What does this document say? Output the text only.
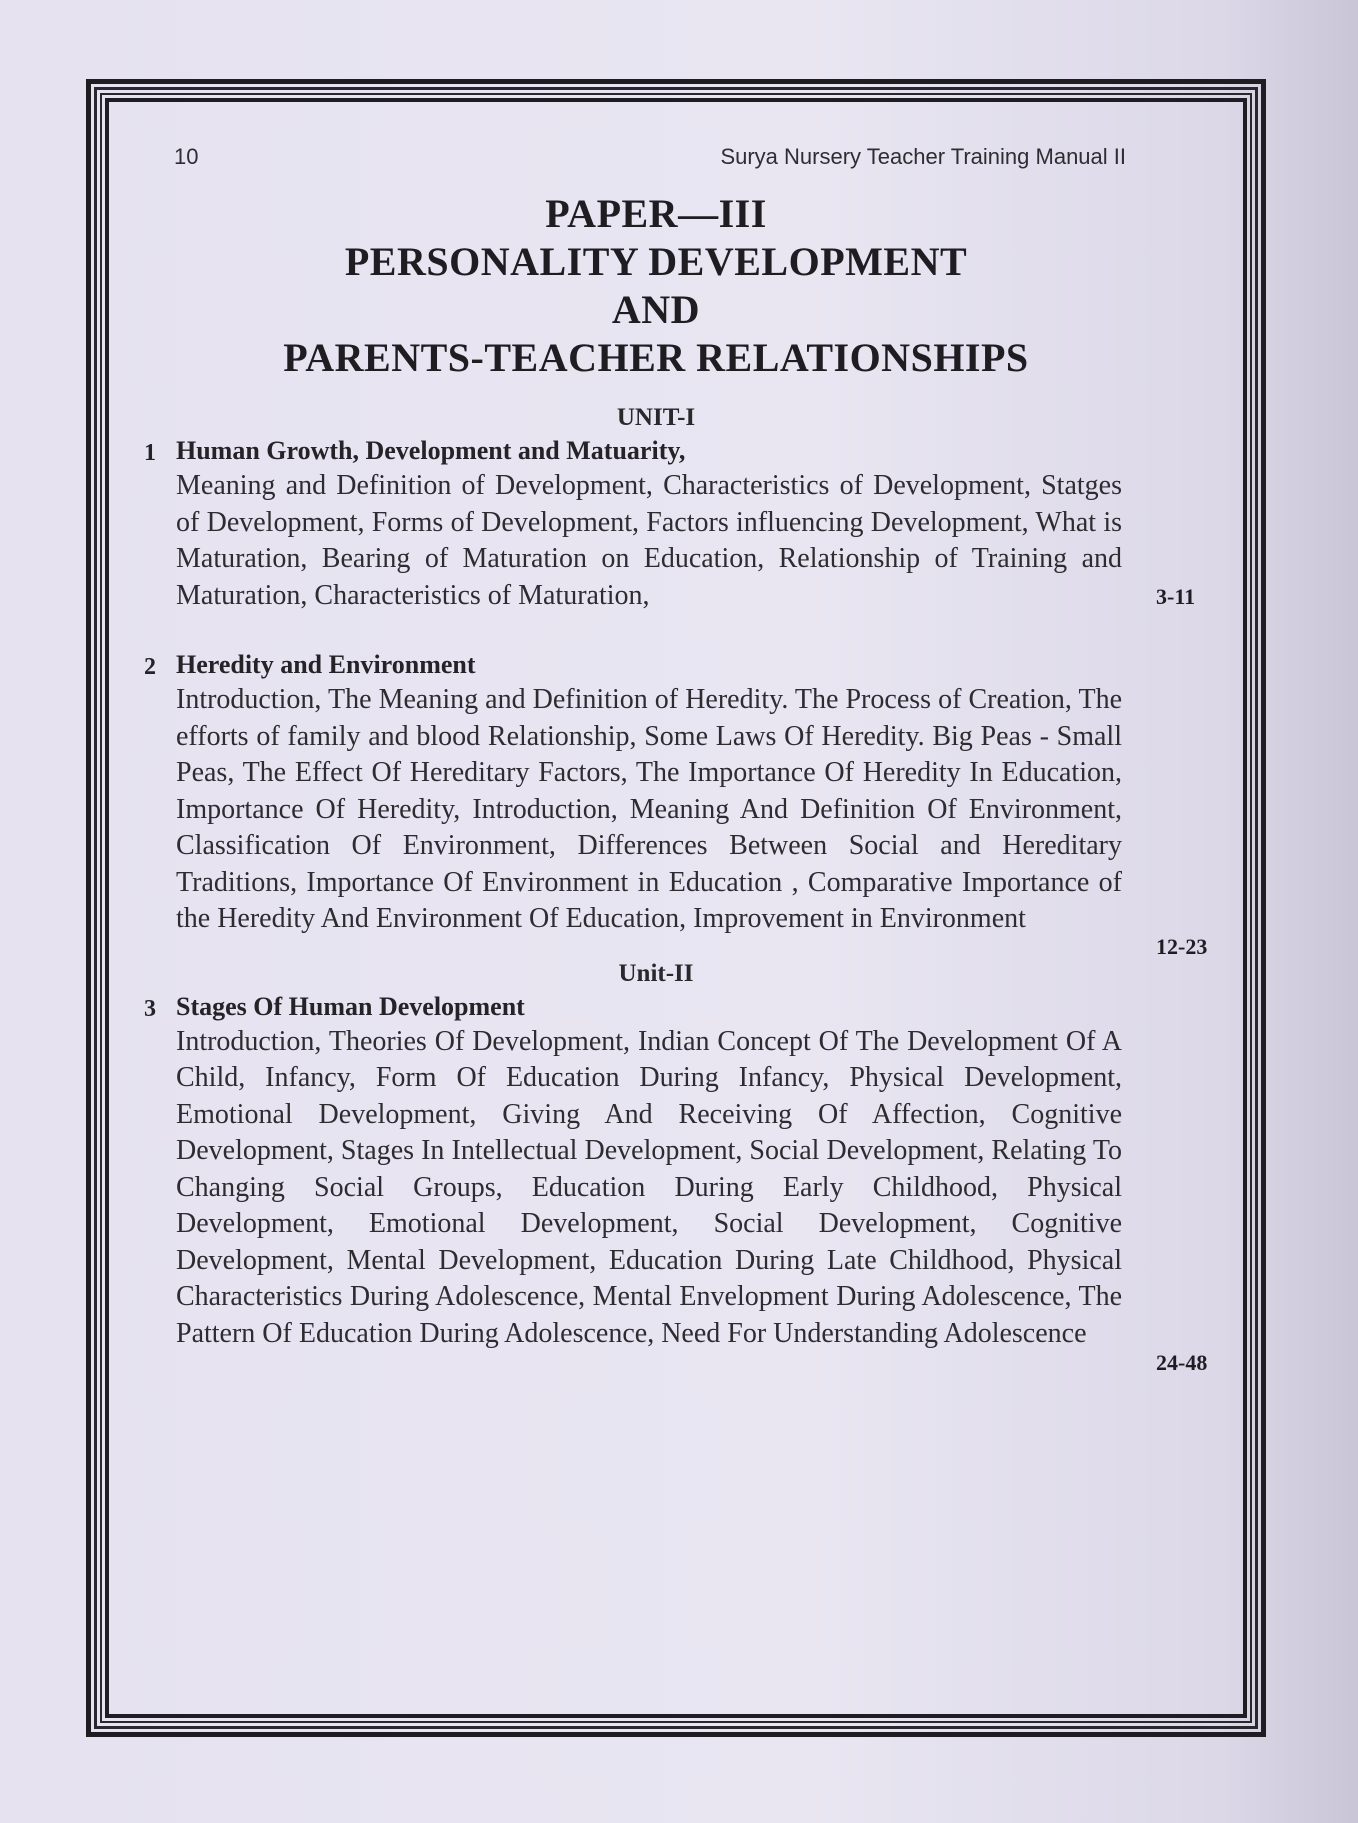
10	Surya Nursery Teacher Training Manual II
PAPER—III
PERSONALITY DEVELOPMENT
AND
PARENTS-TEACHER RELATIONSHIPS
UNIT-I
1 Human Growth, Development and Matuarity,
Meaning and Definition of Development, Characteristics of Development, Statges of Development, Forms of Development, Factors influencing Development, What is Maturation, Bearing of Maturation on Education, Relationship of Training and Maturation, Characteristics of Maturation,	3-11
2 Heredity and Environment
Introduction, The Meaning and Definition of Heredity. The Process of Creation, The efforts of family and blood Relationship, Some Laws Of Heredity. Big Peas - Small Peas, The Effect Of Hereditary Factors, The Importance Of Heredity In Education, Importance Of Heredity, Introduction, Meaning And Definition Of Environment, Classification Of Environment, Differences Between Social and Hereditary Traditions, Importance Of Environment in Education , Comparative Importance of the Heredity And Environment Of Education, Improvement in Environment
12-23
Unit-II
3 Stages Of Human Development
Introduction, Theories Of Development, Indian Concept Of The Development Of A Child, Infancy, Form Of Education During Infancy, Physical Development, Emotional Development, Giving And Receiving Of Affection, Cognitive Development, Stages In Intellectual Development, Social Development, Relating To Changing Social Groups, Education During Early Childhood, Physical Development, Emotional Development, Social Development, Cognitive Development, Mental Development, Education During Late Childhood, Physical Characteristics During Adolescence, Mental Envelopment During Adolescence, The Pattern Of Education During Adolescence, Need For Understanding Adolescence
24-48
